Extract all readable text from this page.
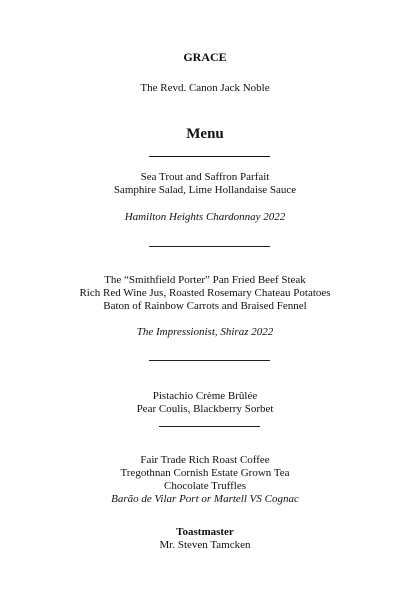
GRACE
The Revd. Canon Jack Noble
Menu
Sea Trout and Saffron Parfait
Samphire Salad, Lime Hollandaise Sauce
Hamilton Heights Chardonnay 2022
The “Smithfield Porter” Pan Fried Beef Steak
Rich Red Wine Jus, Roasted Rosemary Chateau Potatoes
Baton of Rainbow Carrots and Braised Fennel
The Impressionist, Shiraz 2022
Pistachio Crème Brûlée
Pear Coulis, Blackberry Sorbet
Fair Trade Rich Roast Coffee
Tregothnan Cornish Estate Grown Tea
Chocolate Truffles
Barão de Vilar Port or Martell VS Cognac
Toastmaster
Mr. Steven Tamcken
